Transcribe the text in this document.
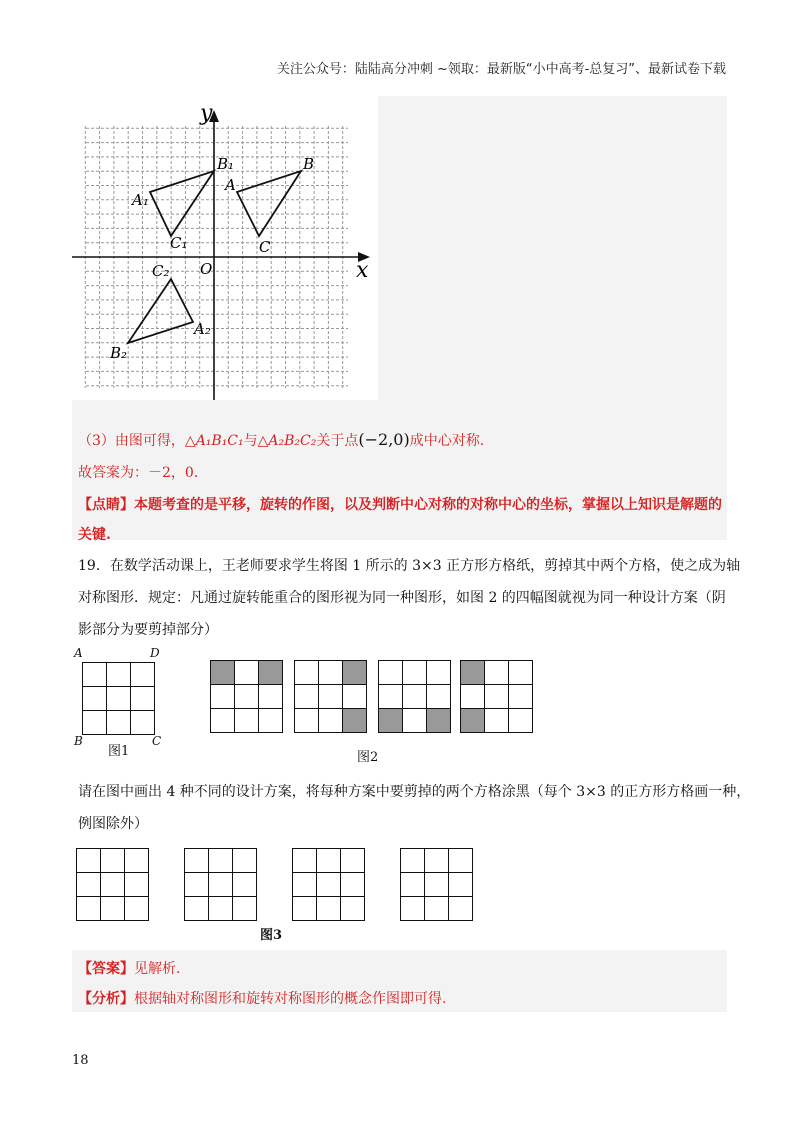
关注公众号：陆陆高分冲刺 ~领取：最新版“小中高考-总复习”、最新试卷下载
x
y
O
A
B
C
A₁
B₁
C₁
A₂
B₂
C₂
（3）由图可得，△A₁B₁C₁与△A₂B₂C₂关于点(−2,0)成中心对称.
故答案为：－2，0.
【点睛】本题考查的是平移，旋转的作图，以及判断中心对称的对称中心的坐标，掌握以上知识是解题的
关键.
19．在数学活动课上，王老师要求学生将图 1 所示的 3×3 正方形方格纸，剪掉其中两个方格，使之成为轴
对称图形．规定：凡通过旋转能重合的图形视为同一种图形，如图 2 的四幅图就视为同一种设计方案（阴
影部分为要剪掉部分）
A	D

B	C
图1

			图2
请在图中画出 4 种不同的设计方案，将每种方案中要剪掉的两个方格涂黑（每个 3×3 的正方形方格画一种，
例图除外）

图3
【答案】见解析.
【分析】根据轴对称图形和旋转对称图形的概念作图即可得.
18
